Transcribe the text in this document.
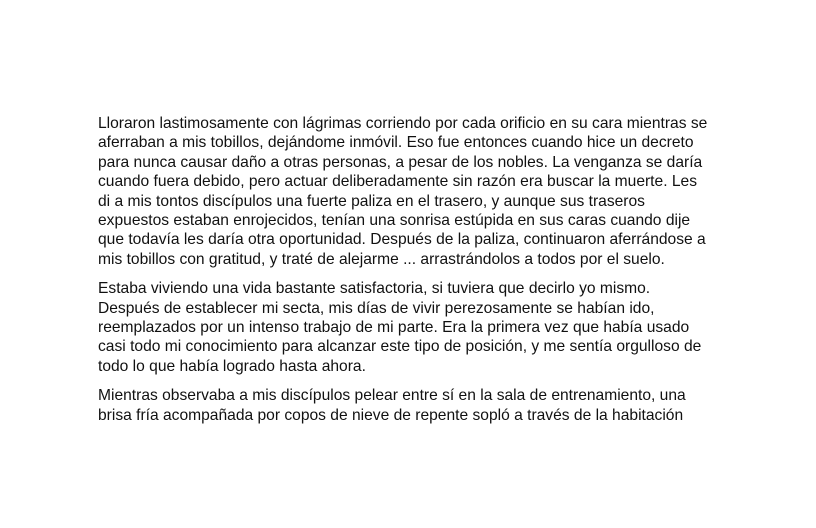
Lloraron lastimosamente con lágrimas corriendo por cada orificio en su cara mientras se
aferraban a mis tobillos, dejándome inmóvil. Eso fue entonces cuando hice un decreto
para nunca causar daño a otras personas, a pesar de los nobles. La venganza se daría
cuando fuera debido, pero actuar deliberadamente sin razón era buscar la muerte. Les
di a mis tontos discípulos una fuerte paliza en el trasero, y aunque sus traseros
expuestos estaban enrojecidos, tenían una sonrisa estúpida en sus caras cuando dije
que todavía les daría otra oportunidad. Después de la paliza, continuaron aferrándose a
mis tobillos con gratitud, y traté de alejarme ... arrastrándolos a todos por el suelo.

Estaba viviendo una vida bastante satisfactoria, si tuviera que decirlo yo mismo.
Después de establecer mi secta, mis días de vivir perezosamente se habían ido,
reemplazados por un intenso trabajo de mi parte. Era la primera vez que había usado
casi todo mi conocimiento para alcanzar este tipo de posición, y me sentía orgulloso de
todo lo que había logrado hasta ahora.

Mientras observaba a mis discípulos pelear entre sí en la sala de entrenamiento, una
brisa fría acompañada por copos de nieve de repente sopló a través de la habitación
